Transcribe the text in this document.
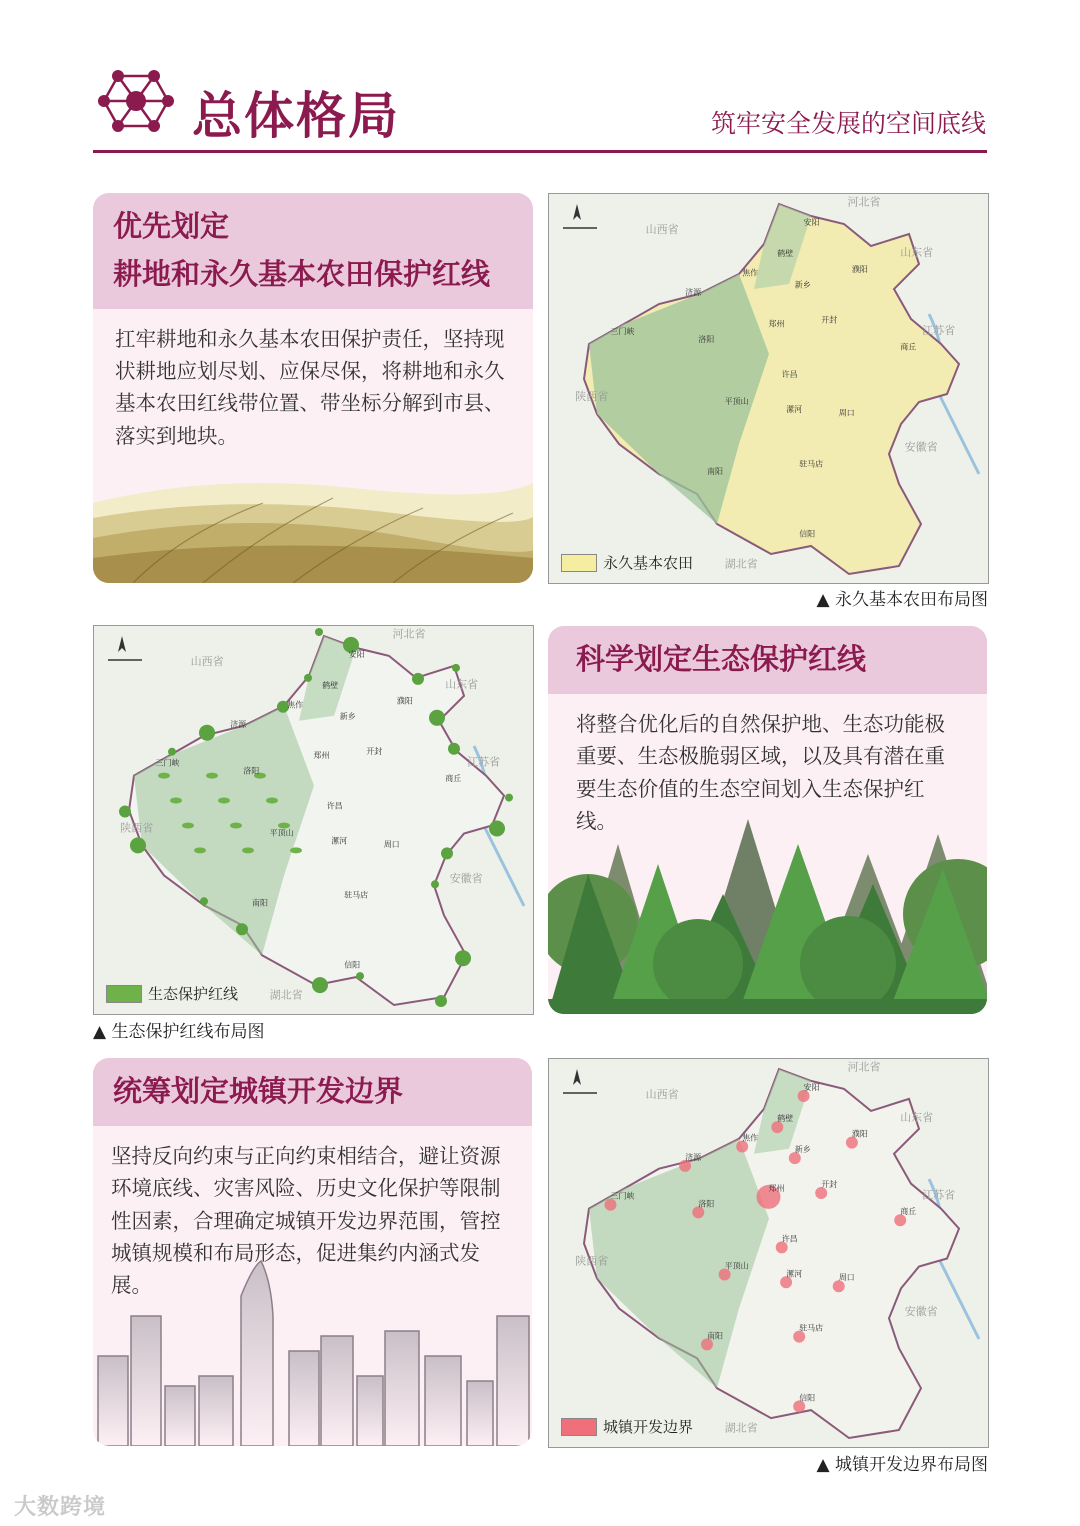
总体格局	筑牢安全发展的空间底线
优先划定
耕地和永久基本农田保护红线
扛牢耕地和永久基本农田保护责任，坚持现状耕地应划尽划、应保尽保，将耕地和永久基本农田红线带位置、带坐标分解到市县、落实到地块。
河北省
山西省
山东省
江苏省
陕西省
安徽省
湖北省
安阳
鹤壁
新乡
焦作	濮阳
济源
郑州	开封
洛阳
三门峡
许昌
平顶山
漯河	周口
商丘
南阳
驻马店
信阳
永久基本农田
▲ 永久基本农田布局图
河北省
山西省
山东省
江苏省
陕西省
安徽省
湖北省
安阳
鹤壁
新乡
焦作	濮阳
济源
郑州	开封
洛阳
三门峡
许昌
平顶山
漯河	周口
商丘
南阳
驻马店
信阳
生态保护红线
▲ 生态保护红线布局图
科学划定生态保护红线
将整合优化后的自然保护地、生态功能极重要、生态极脆弱区域，以及具有潜在重要生态价值的生态空间划入生态保护红线。
统筹划定城镇开发边界
坚持反向约束与正向约束相结合，避让资源环境底线、灾害风险、历史文化保护等限制性因素，合理确定城镇开发边界范围，管控城镇规模和布局形态，促进集约内涵式发展。
河北省
山西省
山东省
江苏省
陕西省
安徽省
湖北省
安阳
鹤壁
新乡
焦作	濮阳
济源
郑州	开封
洛阳
三门峡
许昌
平顶山
漯河	周口
商丘
南阳
驻马店
信阳
城镇开发边界
▲ 城镇开发边界布局图
大数跨境
